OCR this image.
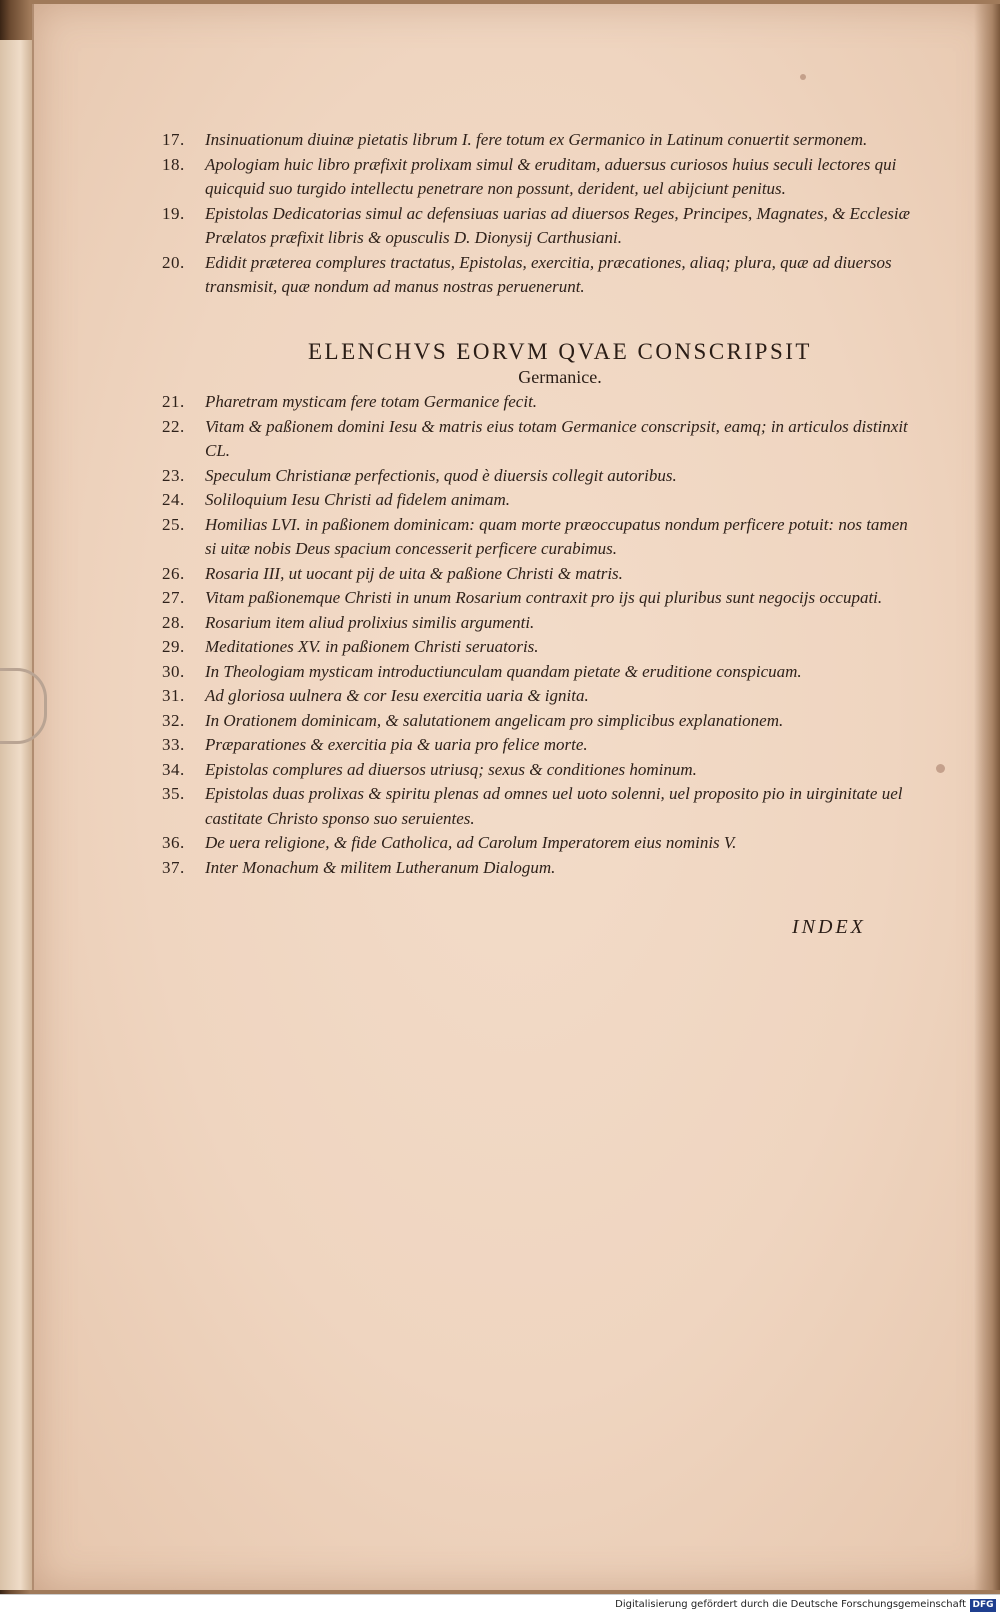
17.	Insinuationum diuinæ pietatis librum I. fere totum ex Germanico in Latinum conuertit sermonem.
18.	Apologiam huic libro præfixit prolixam simul & eruditam, aduersus curiosos huius seculi lectores qui quicquid suo turgido intellectu penetrare non possunt, derident, uel abijciunt penitus.
19.	Epistolas Dedicatorias simul ac defensiuas uarias ad diuersos Reges, Principes, Magnates, & Ecclesiæ Prælatos præfixit libris & opusculis D. Dionysij Carthusiani.
20.	Edidit præterea complures tractatus, Epistolas, exercitia, præcationes, aliaq; plura, quæ ad diuersos transmisit, quæ nondum ad manus nostras peruenerunt.
ELENCHVS EORVM QVAE CONSCRIPSIT
Germanice.
21.	Pharetram mysticam fere totam Germanice fecit.
22.	Vitam & paßionem domini Iesu & matris eius totam Germanice conscripsit, eamq; in articulos distinxit CL.
23.	Speculum Christianæ perfectionis, quod è diuersis collegit autoribus.
24.	Soliloquium Iesu Christi ad fidelem animam.
25.	Homilias LVI. in paßionem dominicam: quam morte præoccupatus nondum perficere potuit: nos tamen si uitæ nobis Deus spacium concesserit perficere curabimus.
26.	Rosaria III, ut uocant pij de uita & paßione Christi & matris.
27.	Vitam paßionemque Christi in unum Rosarium contraxit pro ijs qui pluribus sunt negocijs occupati.
28.	Rosarium item aliud prolixius similis argumenti.
29.	Meditationes XV. in paßionem Christi seruatoris.
30.	In Theologiam mysticam introductiunculam quandam pietate & eruditione conspicuam.
31.	Ad gloriosa uulnera & cor Iesu exercitia uaria & ignita.
32.	In Orationem dominicam, & salutationem angelicam pro simplicibus explanationem.
33.	Præparationes & exercitia pia & uaria pro felice morte.
34.	Epistolas complures ad diuersos utriusq; sexus & conditiones hominum.
35.	Epistolas duas prolixas & spiritu plenas ad omnes uel uoto solenni, uel proposito pio in uirginitate uel castitate Christo sponso suo seruientes.
36.	De uera religione, & fide Catholica, ad Carolum Imperatorem eius nominis V.
37.	Inter Monachum & militem Lutheranum Dialogum.
INDEX
Digitalisierung gefördert durch die Deutsche Forschungsgemeinschaft DFG
